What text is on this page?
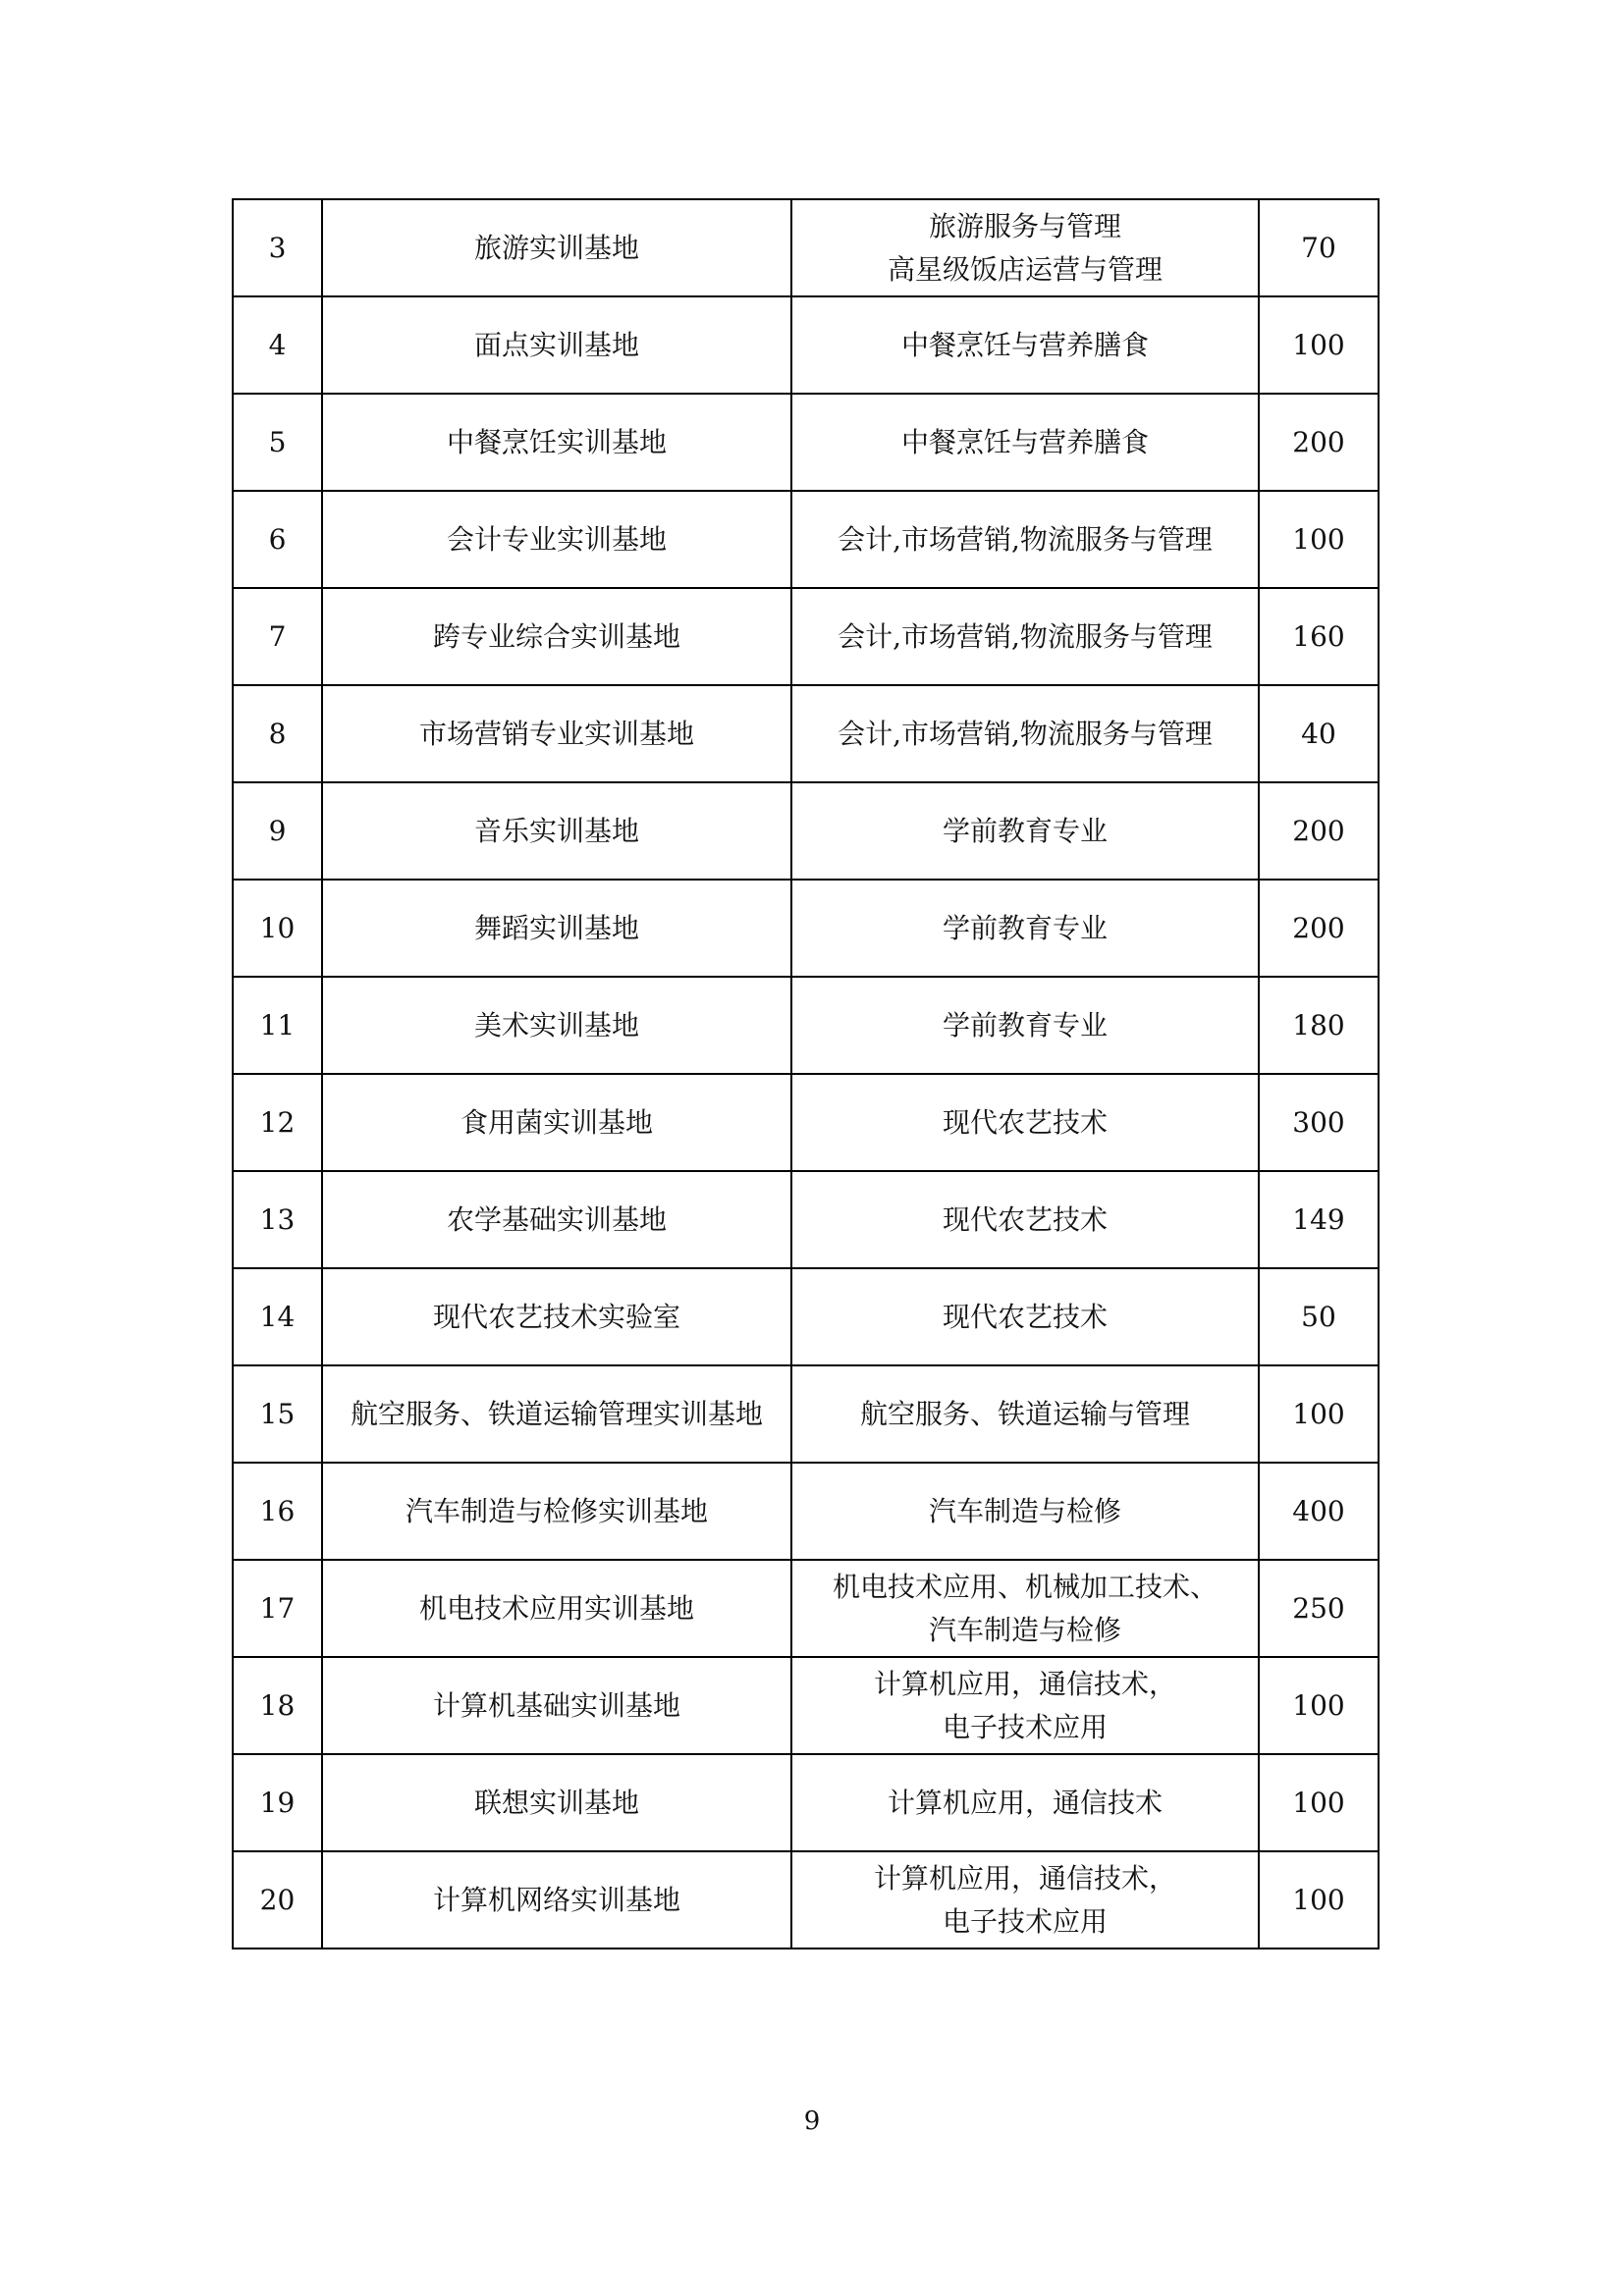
3	旅游实训基地	旅游服务与管理
高星级饭店运营与管理	70
4	面点实训基地	中餐烹饪与营养膳食	100
5	中餐烹饪实训基地	中餐烹饪与营养膳食	200
6	会计专业实训基地	会计,市场营销,物流服务与管理	100
7	跨专业综合实训基地	会计,市场营销,物流服务与管理	160
8	市场营销专业实训基地	会计,市场营销,物流服务与管理	40
9	音乐实训基地	学前教育专业	200
10	舞蹈实训基地	学前教育专业	200
11	美术实训基地	学前教育专业	180
12	食用菌实训基地	现代农艺技术	300
13	农学基础实训基地	现代农艺技术	149
14	现代农艺技术实验室	现代农艺技术	50
15	航空服务、铁道运输管理实训基地	航空服务、铁道运输与管理	100
16	汽车制造与检修实训基地	汽车制造与检修	400
17	机电技术应用实训基地	机电技术应用、机械加工技术、
汽车制造与检修	250
18	计算机基础实训基地	计算机应用，通信技术，
电子技术应用	100
19	联想实训基地	计算机应用，通信技术	100
20	计算机网络实训基地	计算机应用，通信技术，
电子技术应用	100
9
